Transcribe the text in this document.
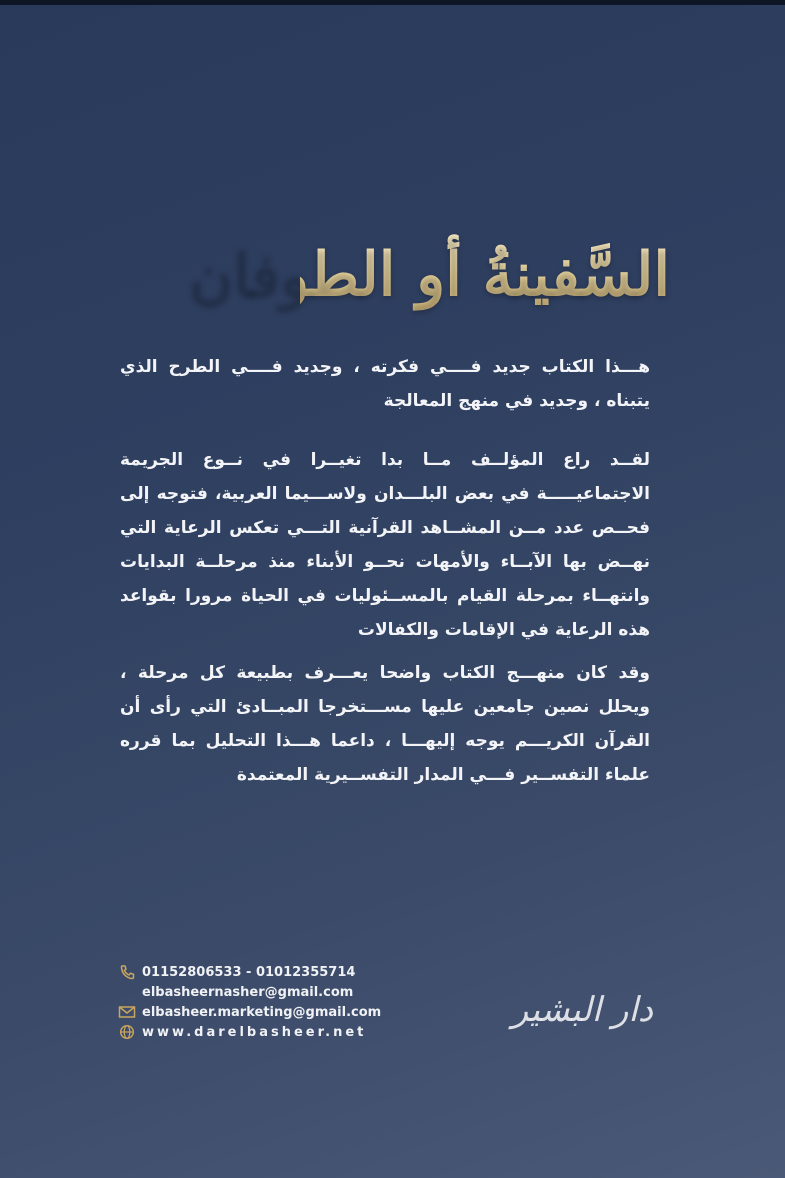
السَّفينةُ أو الطوفان

هـــذا الكتاب جديد فــــي فكرته ، وجديد فــــي الطرح الذي يتبناه ، وجديد في منهج المعالجة

لقــد راع المؤلــف مــا بدا تغيــرا في نــوع الجريمة الاجتماعيـــــة في بعض البلـــدان ولاســـيما العربية، فتوجه إلى فحــص عدد مــن المشــاهد القرآنية التـــي تعكس الرعاية التي نهــض بها الآبــاء والأمهات نحــو الأبناء منذ مرحلــة البدايات وانتهــاء بمرحلة القيام بالمســئوليات في الحياة مرورا بقواعد هذه الرعاية في الإقامات والكفالات

وقد كان منهـــج الكتاب واضحا يعـــرف بطبيعة كل مرحلة ، ويحلل نصين جامعين عليها مســـتخرجا المبــادئ التي رأى أن القرآن الكريـــم يوجه إليهـــا ، داعما هـــذا التحليل بما قرره علماء التفســير فـــي المدار التفســيرية المعتمدة

01152806533 - 01012355714
elbasheernasher@gmail.com
elbasheer.marketing@gmail.com
www.darelbasheer.net
دار البشير
